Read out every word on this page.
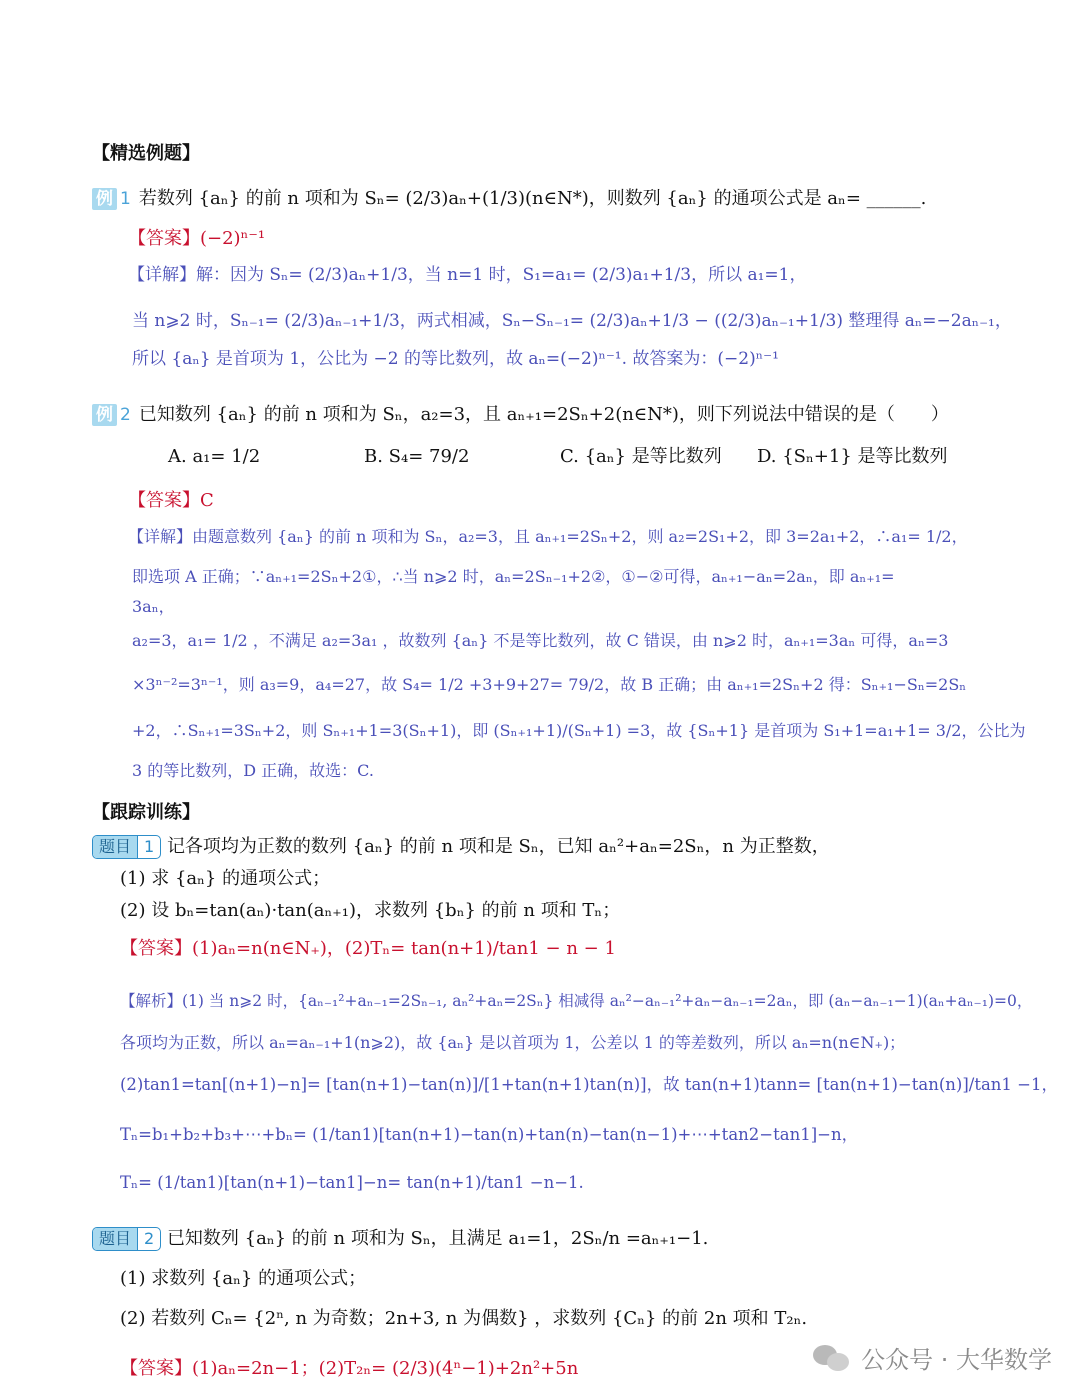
【精选例题】
例 1 若数列 {aₙ} 的前 n 项和为 Sₙ= (2/3)aₙ+(1/3)(n∈N*)，则数列 {aₙ} 的通项公式是 aₙ= ______.
【答案】(−2)ⁿ⁻¹
【详解】解：因为 Sₙ= (2/3)aₙ+1/3，当 n=1 时，S₁=a₁= (2/3)a₁+1/3，所以 a₁=1，
当 n⩾2 时，Sₙ₋₁= (2/3)aₙ₋₁+1/3，两式相减，Sₙ−Sₙ₋₁= (2/3)aₙ+1/3 − ((2/3)aₙ₋₁+1/3) 整理得 aₙ=−2aₙ₋₁，
所以 {aₙ} 是首项为 1，公比为 −2 的等比数列，故 aₙ=(−2)ⁿ⁻¹. 故答案为：(−2)ⁿ⁻¹
例 2 已知数列 {aₙ} 的前 n 项和为 Sₙ，a₂=3，且 aₙ₊₁=2Sₙ+2(n∈N*)，则下列说法中错误的是（　　）
A. a₁= 1/2	B. S₄= 79/2	C. {aₙ} 是等比数列 D. {Sₙ+1} 是等比数列
【答案】C
【详解】由题意数列 {aₙ} 的前 n 项和为 Sₙ，a₂=3，且 aₙ₊₁=2Sₙ+2，则 a₂=2S₁+2，即 3=2a₁+2，∴a₁= 1/2，
即选项 A 正确；∵aₙ₊₁=2Sₙ+2①，∴当 n⩾2 时，aₙ=2Sₙ₋₁+2②，①−②可得，aₙ₊₁−aₙ=2aₙ，即 aₙ₊₁=
3aₙ，
a₂=3，a₁= 1/2 ，不满足 a₂=3a₁ ，故数列 {aₙ} 不是等比数列，故 C 错误，由 n⩾2 时，aₙ₊₁=3aₙ 可得，aₙ=3
×3ⁿ⁻²=3ⁿ⁻¹，则 a₃=9，a₄=27，故 S₄= 1/2 +3+9+27= 79/2，故 B 正确；由 aₙ₊₁=2Sₙ+2 得：Sₙ₊₁−Sₙ=2Sₙ
+2，∴Sₙ₊₁=3Sₙ+2，则 Sₙ₊₁+1=3(Sₙ+1)，即 (Sₙ₊₁+1)/(Sₙ+1) =3，故 {Sₙ+1} 是首项为 S₁+1=a₁+1= 3/2，公比为
3 的等比数列，D 正确，故选：C.
【跟踪训练】
题目 1 记各项均为正数的数列 {aₙ} 的前 n 项和是 Sₙ，已知 aₙ²+aₙ=2Sₙ，n 为正整数，
(1) 求 {aₙ} 的通项公式；
(2) 设 bₙ=tan(aₙ)·tan(aₙ₊₁)，求数列 {bₙ} 的前 n 项和 Tₙ；
【答案】(1)aₙ=n(n∈N₊)，(2)Tₙ= tan(n+1)/tan1 − n − 1
【解析】(1) 当 n⩾2 时，{aₙ₋₁²+aₙ₋₁=2Sₙ₋₁, aₙ²+aₙ=2Sₙ} 相减得 aₙ²−aₙ₋₁²+aₙ−aₙ₋₁=2aₙ，即 (aₙ−aₙ₋₁−1)(aₙ+aₙ₋₁)=0，
各项均为正数，所以 aₙ=aₙ₋₁+1(n⩾2)，故 {aₙ} 是以首项为 1，公差以 1 的等差数列，所以 aₙ=n(n∈N₊)；
(2)tan1=tan[(n+1)−n]= [tan(n+1)−tan(n)]/[1+tan(n+1)tan(n)]，故 tan(n+1)tann= [tan(n+1)−tan(n)]/tan1 −1，
Tₙ=b₁+b₂+b₃+⋯+bₙ= (1/tan1)[tan(n+1)−tan(n)+tan(n)−tan(n−1)+⋯+tan2−tan1]−n，
Tₙ= (1/tan1)[tan(n+1)−tan1]−n= tan(n+1)/tan1 −n−1.
题目 2 已知数列 {aₙ} 的前 n 项和为 Sₙ，且满足 a₁=1，2Sₙ/n =aₙ₊₁−1.
(1) 求数列 {aₙ} 的通项公式；
(2) 若数列 Cₙ= {2ⁿ, n 为奇数；2n+3, n 为偶数} ，求数列 {Cₙ} 的前 2n 项和 T₂ₙ.
【答案】(1)aₙ=2n−1；(2)T₂ₙ= (2/3)(4ⁿ−1)+2n²+5n	公众号 · 大华数学
